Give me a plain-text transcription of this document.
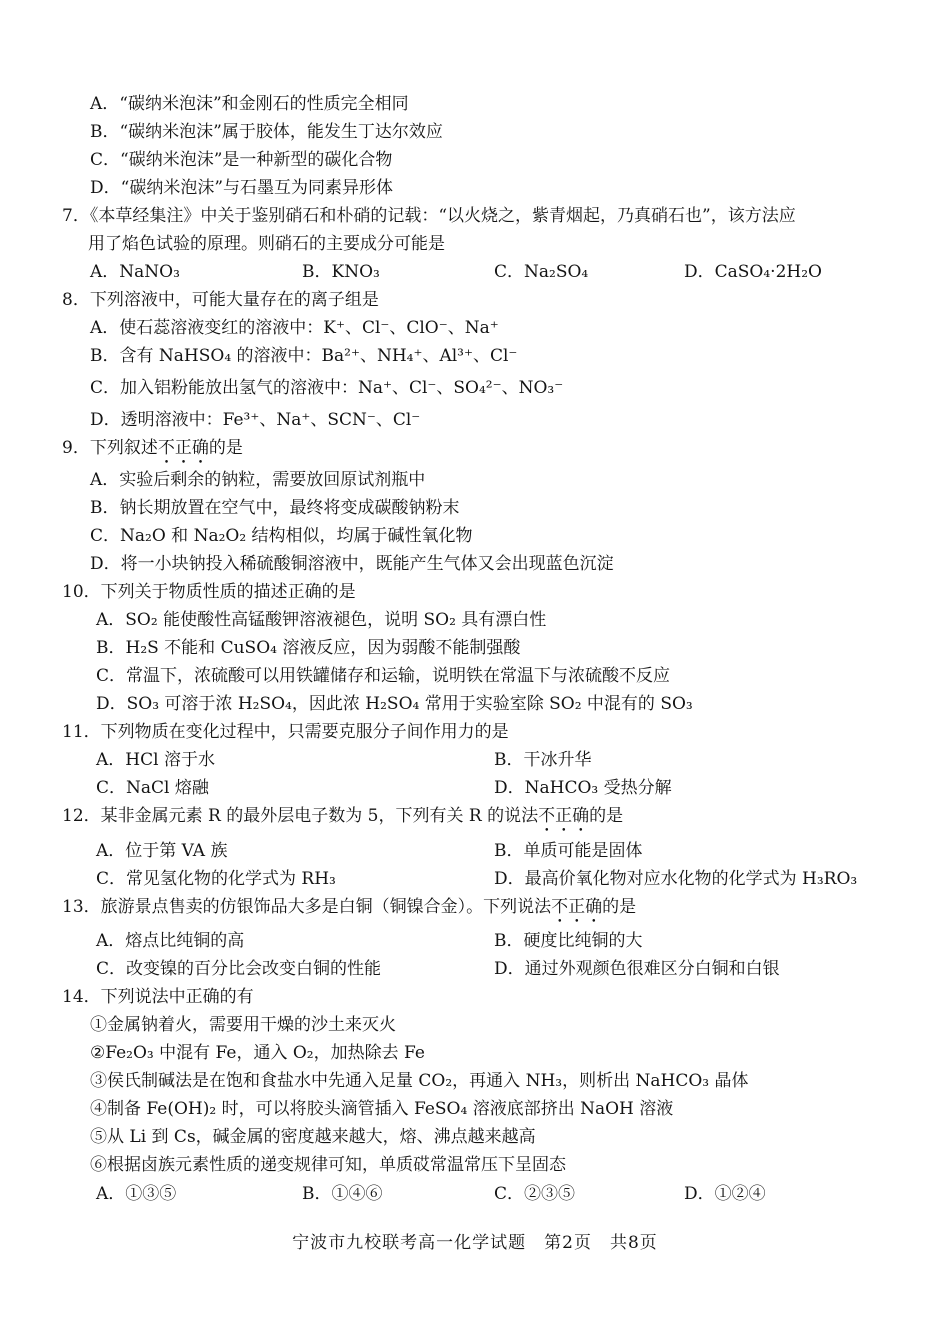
A．“碳纳米泡沫”和金刚石的性质完全相同
B．“碳纳米泡沫”属于胶体，能发生丁达尔效应
C．“碳纳米泡沫”是一种新型的碳化合物
D．“碳纳米泡沫”与石墨互为同素异形体
7．《本草经集注》中关于鉴别硝石和朴硝的记载：“以火烧之，紫青烟起，乃真硝石也”，该方法应
用了焰色试验的原理。则硝石的主要成分可能是
A．NaNO₃	B．KNO₃	C．Na₂SO₄	D．CaSO₄·2H₂O
8．下列溶液中，可能大量存在的离子组是
A．使石蕊溶液变红的溶液中：K⁺、Cl⁻、ClO⁻、Na⁺
B．含有 NaHSO₄ 的溶液中：Ba²⁺、NH₄⁺、Al³⁺、Cl⁻
C．加入铝粉能放出氢气的溶液中：Na⁺、Cl⁻、SO₄²⁻、NO₃⁻
D．透明溶液中：Fe³⁺、Na⁺、SCN⁻、Cl⁻
9．下列叙述不正确的是
A．实验后剩余的钠粒，需要放回原试剂瓶中
B．钠长期放置在空气中，最终将变成碳酸钠粉末
C．Na₂O 和 Na₂O₂ 结构相似，均属于碱性氧化物
D．将一小块钠投入稀硫酸铜溶液中，既能产生气体又会出现蓝色沉淀
10．下列关于物质性质的描述正确的是
A．SO₂ 能使酸性高锰酸钾溶液褪色，说明 SO₂ 具有漂白性
B．H₂S 不能和 CuSO₄ 溶液反应，因为弱酸不能制强酸
C．常温下，浓硫酸可以用铁罐储存和运输，说明铁在常温下与浓硫酸不反应
D．SO₃ 可溶于浓 H₂SO₄，因此浓 H₂SO₄ 常用于实验室除 SO₂ 中混有的 SO₃
11．下列物质在变化过程中，只需要克服分子间作用力的是
A．HCl 溶于水	B．干冰升华
C．NaCl 熔融	D．NaHCO₃ 受热分解
12．某非金属元素 R 的最外层电子数为 5，下列有关 R 的说法不正确的是
A．位于第 VA 族	B．单质可能是固体
C．常见氢化物的化学式为 RH₃	D．最高价氧化物对应水化物的化学式为 H₃RO₃
13．旅游景点售卖的仿银饰品大多是白铜（铜镍合金）。下列说法不正确的是
A．熔点比纯铜的高	B．硬度比纯铜的大
C．改变镍的百分比会改变白铜的性能	D．通过外观颜色很难区分白铜和白银
14．下列说法中正确的有
①金属钠着火，需要用干燥的沙土来灭火
②Fe₂O₃ 中混有 Fe，通入 O₂，加热除去 Fe
③侯氏制碱法是在饱和食盐水中先通入足量 CO₂，再通入 NH₃，则析出 NaHCO₃ 晶体
④制备 Fe(OH)₂ 时，可以将胶头滴管插入 FeSO₄ 溶液底部挤出 NaOH 溶液
⑤从 Li 到 Cs，碱金属的密度越来越大，熔、沸点越来越高
⑥根据卤族元素性质的递变规律可知，单质砹常温常压下呈固态
A．①③⑤	B．①④⑥	C．②③⑤	D．①②④
宁波市九校联考高一化学试题　第2页　共8页
